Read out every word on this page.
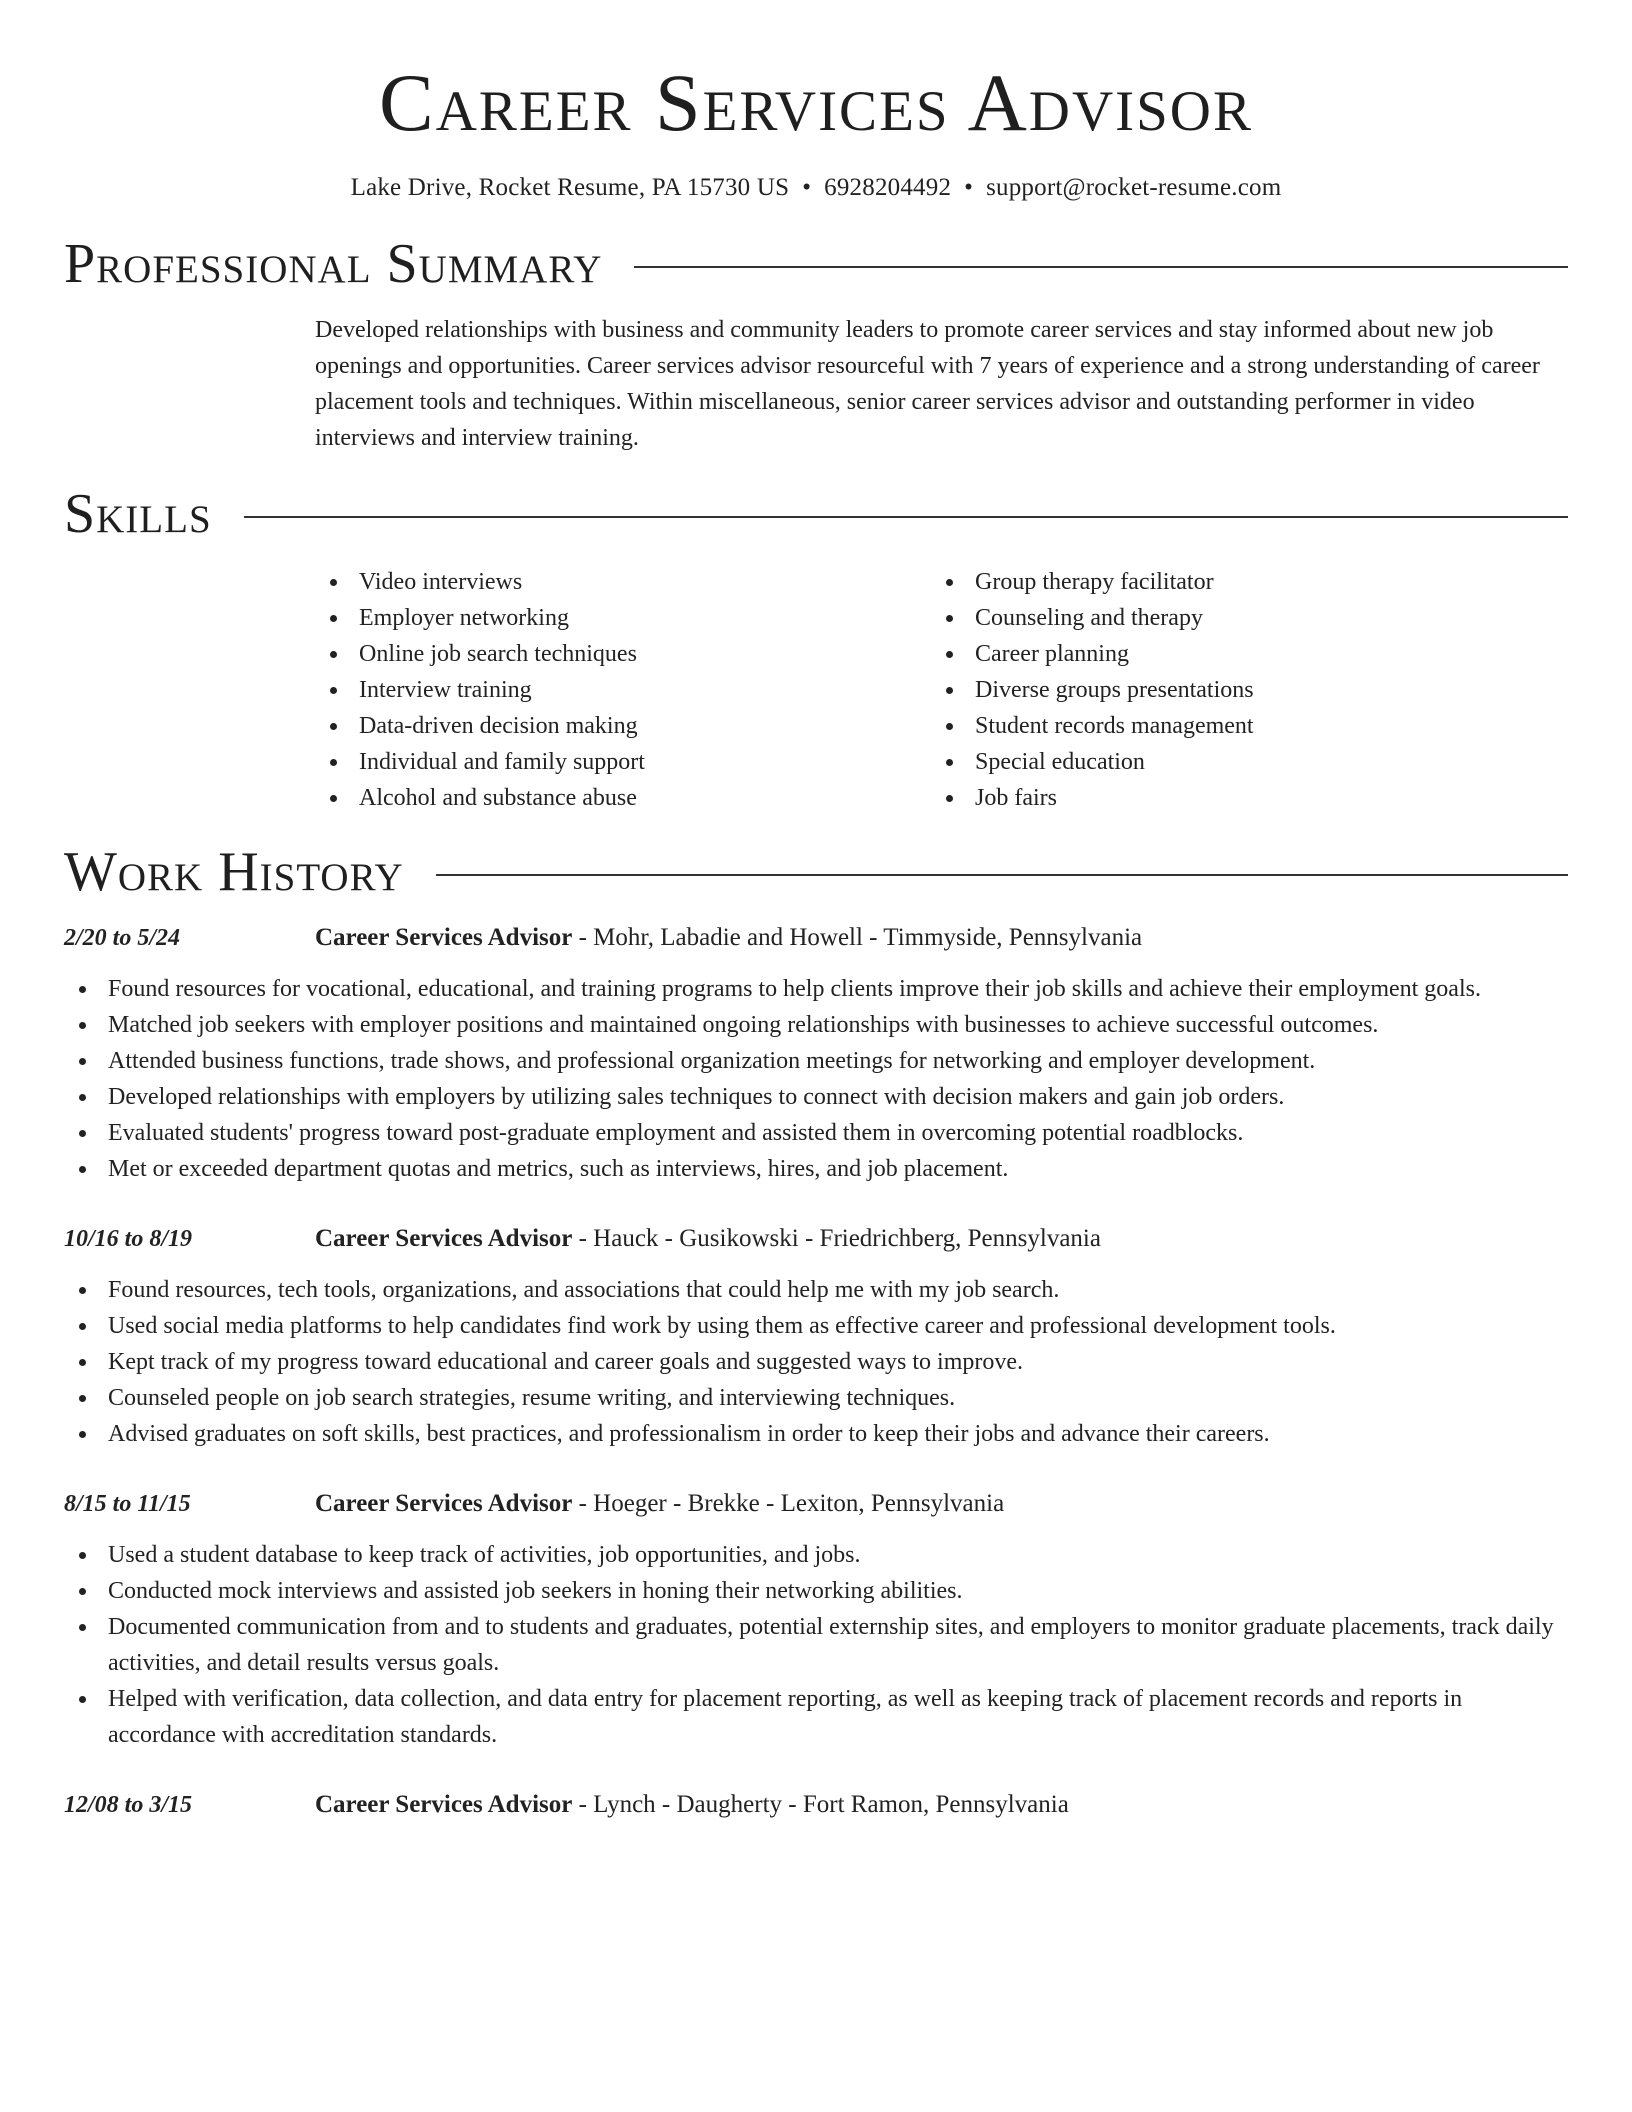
Career Services Advisor
Lake Drive, Rocket Resume, PA 15730 US • 6928204492 • support@rocket-resume.com
Professional Summary
Developed relationships with business and community leaders to promote career services and stay informed about new job openings and opportunities. Career services advisor resourceful with 7 years of experience and a strong understanding of career placement tools and techniques. Within miscellaneous, senior career services advisor and outstanding performer in video interviews and interview training.
Skills
Video interviews
Employer networking
Online job search techniques
Interview training
Data-driven decision making
Individual and family support
Alcohol and substance abuse
Group therapy facilitator
Counseling and therapy
Career planning
Diverse groups presentations
Student records management
Special education
Job fairs
Work History
2/20 to 5/24	Career Services Advisor - Mohr, Labadie and Howell - Timmyside, Pennsylvania
Found resources for vocational, educational, and training programs to help clients improve their job skills and achieve their employment goals.
Matched job seekers with employer positions and maintained ongoing relationships with businesses to achieve successful outcomes.
Attended business functions, trade shows, and professional organization meetings for networking and employer development.
Developed relationships with employers by utilizing sales techniques to connect with decision makers and gain job orders.
Evaluated students' progress toward post-graduate employment and assisted them in overcoming potential roadblocks.
Met or exceeded department quotas and metrics, such as interviews, hires, and job placement.
10/16 to 8/19	Career Services Advisor - Hauck - Gusikowski - Friedrichberg, Pennsylvania
Found resources, tech tools, organizations, and associations that could help me with my job search.
Used social media platforms to help candidates find work by using them as effective career and professional development tools.
Kept track of my progress toward educational and career goals and suggested ways to improve.
Counseled people on job search strategies, resume writing, and interviewing techniques.
Advised graduates on soft skills, best practices, and professionalism in order to keep their jobs and advance their careers.
8/15 to 11/15	Career Services Advisor - Hoeger - Brekke - Lexiton, Pennsylvania
Used a student database to keep track of activities, job opportunities, and jobs.
Conducted mock interviews and assisted job seekers in honing their networking abilities.
Documented communication from and to students and graduates, potential externship sites, and employers to monitor graduate placements, track daily activities, and detail results versus goals.
Helped with verification, data collection, and data entry for placement reporting, as well as keeping track of placement records and reports in accordance with accreditation standards.
12/08 to 3/15	Career Services Advisor - Lynch - Daugherty - Fort Ramon, Pennsylvania
